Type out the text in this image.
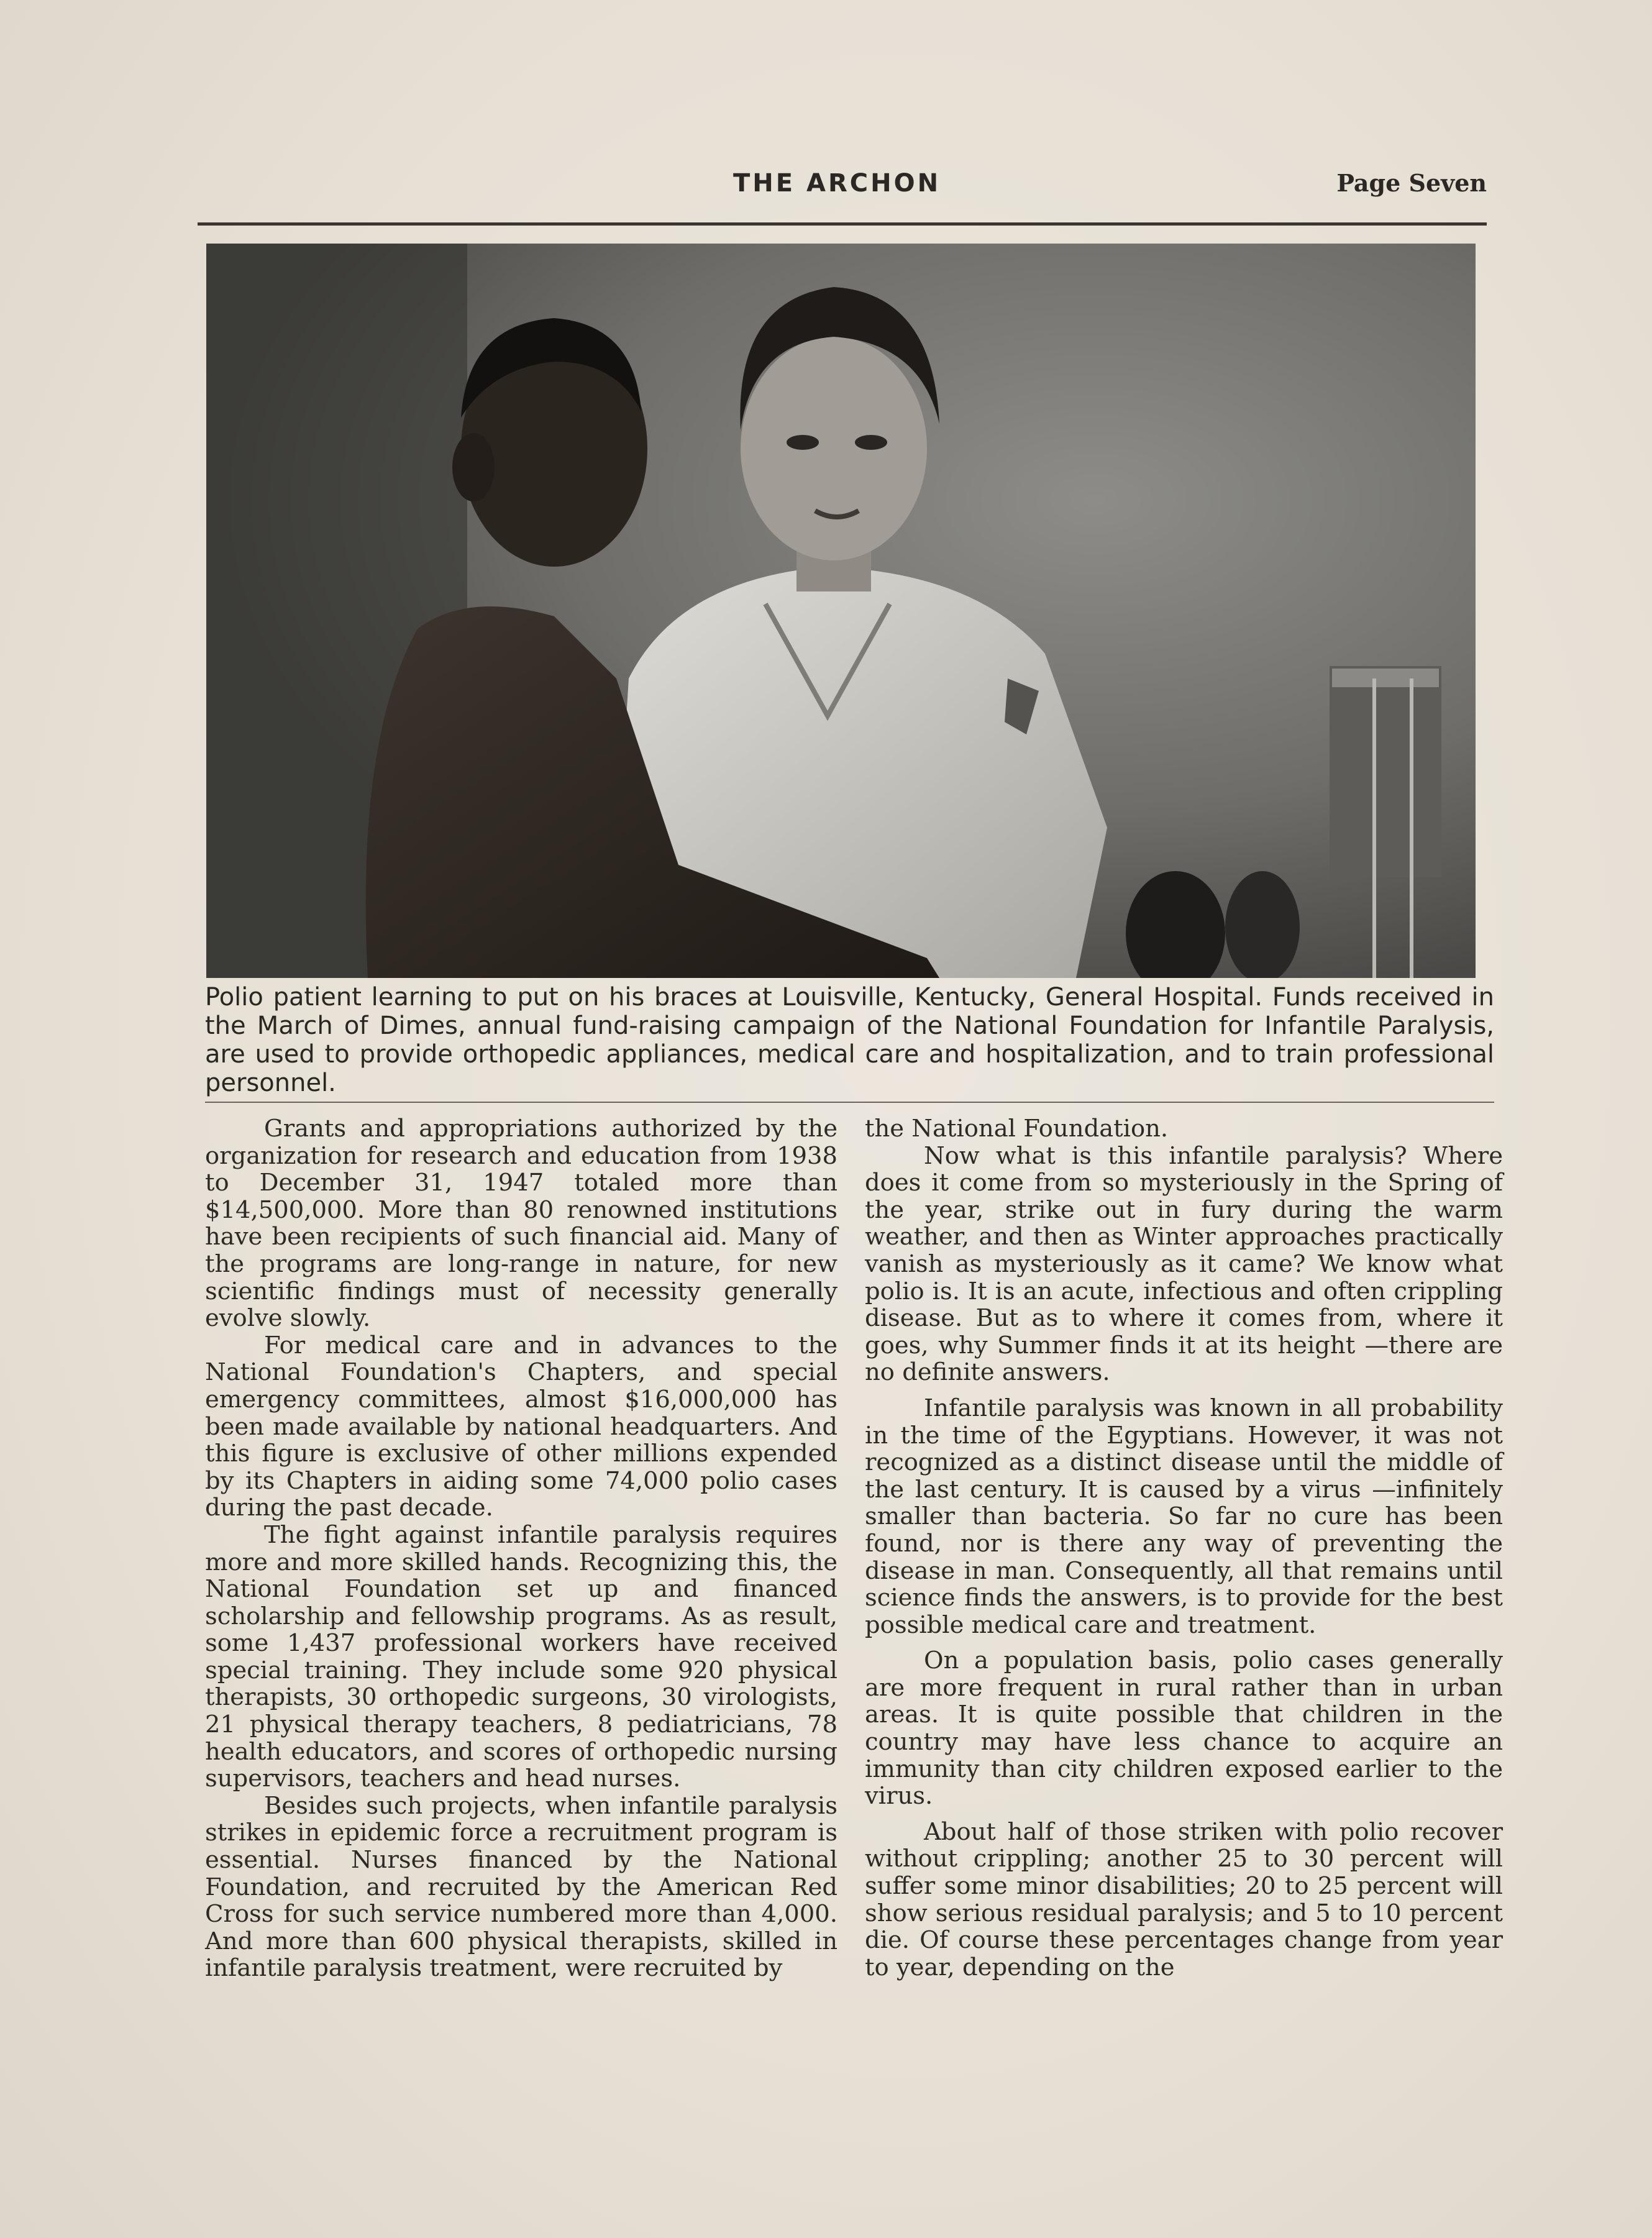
THE ARCHON	Page Seven
Polio patient learning to put on his braces at Louisville, Kentucky, General Hospital. Funds received in the March of Dimes, annual fund-raising campaign of the National Foundation for Infantile Paralysis, are used to provide orthopedic appliances, medical care and hospitalization, and to train professional personnel.

Grants and appropriations authorized by the organization for research and education from 1938 to December 31, 1947 totaled more than $14,500,000. More than 80 renowned institutions have been recipients of such financial aid. Many of the programs are long-range in nature, for new scientific findings must of necessity generally evolve slowly.

For medical care and in advances to the National Foundation's Chapters, and special emergency committees, almost $16,000,000 has been made available by national headquarters. And this figure is exclusive of other millions expended by its Chapters in aiding some 74,000 polio cases during the past decade.

The fight against infantile paralysis requires more and more skilled hands. Recognizing this, the National Foundation set up and financed scholarship and fellowship programs. As as result, some 1,437 professional workers have received special training. They include some 920 physical therapists, 30 orthopedic surgeons, 30 virologists, 21 physical therapy teachers, 8 pediatricians, 78 health educators, and scores of orthopedic nursing supervisors, teachers and head nurses.

Besides such projects, when infantile paralysis strikes in epidemic force a recruitment program is essential. Nurses financed by the National Foundation, and recruited by the American Red Cross for such service numbered more than 4,000. And more than 600 physical therapists, skilled in infantile paralysis treatment, were recruited by

the National Foundation.

Now what is this infantile paralysis? Where does it come from so mysteriously in the Spring of the year, strike out in fury during the warm weather, and then as Winter approaches practically vanish as mysteriously as it came? We know what polio is. It is an acute, infectious and often crippling disease. But as to where it comes from, where it goes, why Summer finds it at its height —there are no definite answers.

Infantile paralysis was known in all probability in the time of the Egyptians. However, it was not recognized as a distinct disease until the middle of the last century. It is caused by a virus —infinitely smaller than bacteria. So far no cure has been found, nor is there any way of preventing the disease in man. Consequently, all that remains until science finds the answers, is to provide for the best possible medical care and treatment.

On a population basis, polio cases generally are more frequent in rural rather than in urban areas. It is quite possible that children in the country may have less chance to acquire an immunity than city children exposed earlier to the virus.

About half of those striken with polio recover without crippling; another 25 to 30 percent will suffer some minor disabilities; 20 to 25 percent will show serious residual paralysis; and 5 to 10 percent die. Of course these percentages change from year to year, depending on the
